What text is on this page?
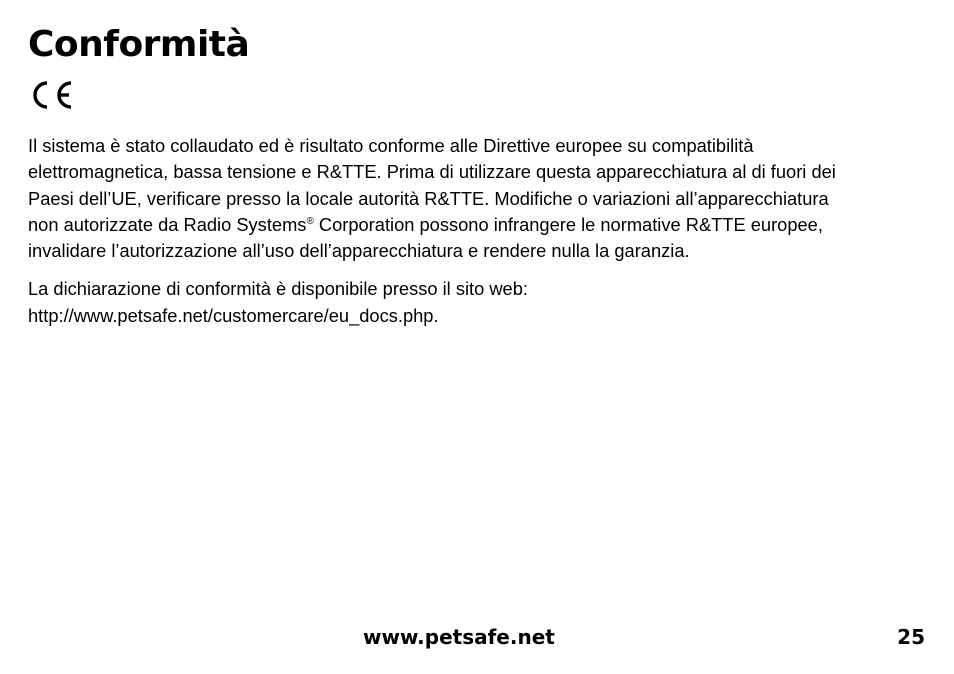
Conformità

Il sistema è stato collaudato ed è risultato conforme alle Direttive europee su compatibilità
elettromagnetica, bassa tensione e R&TTE. Prima di utilizzare questa apparecchiatura al di fuori dei
Paesi dell’UE, verificare presso la locale autorità R&TTE. Modifiche o variazioni all’apparecchiatura
non autorizzate da Radio Systems® Corporation possono infrangere le normative R&TTE europee,
invalidare l’autorizzazione all’uso dell’apparecchiatura e rendere nulla la garanzia.

La dichiarazione di conformità è disponibile presso il sito web:
http://www.petsafe.net/customercare/eu_docs.php.

www.petsafe.net	25
